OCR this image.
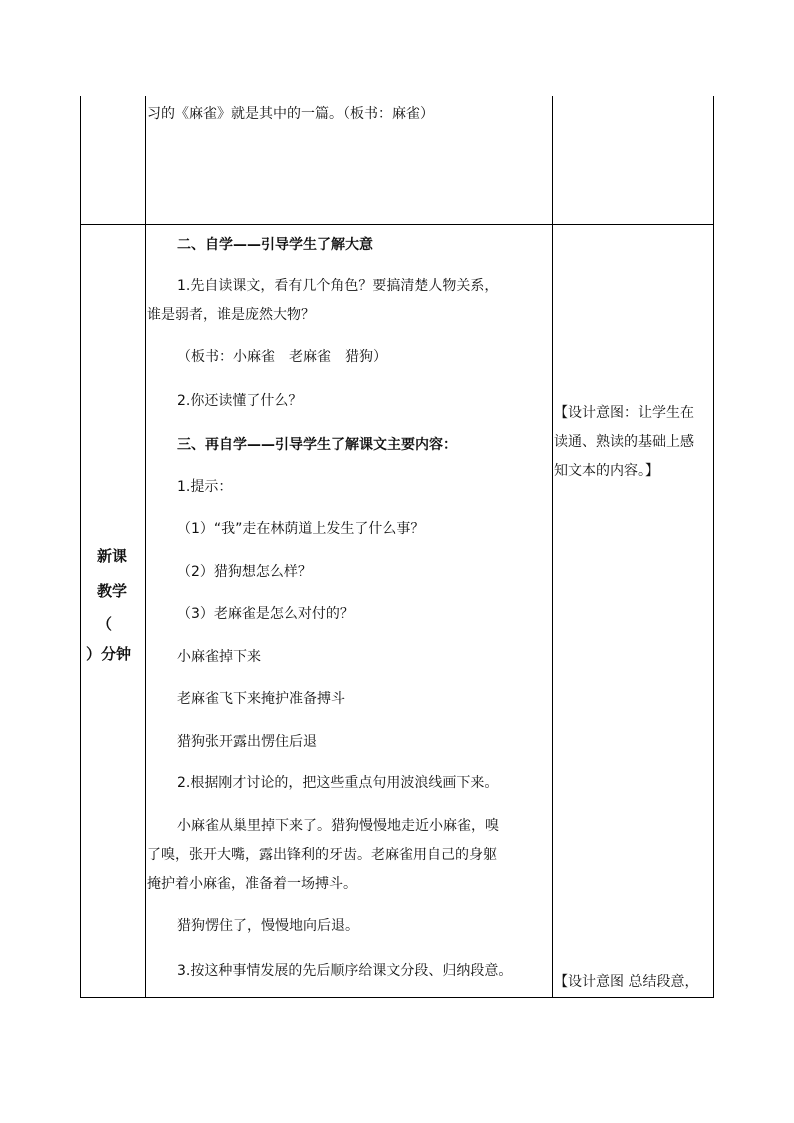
习的《麻雀》就是其中的一篇。（板书：麻雀）
新课
教学
（
）分钟
二、自学——引导学生了解大意
1.先自读课文，看有几个角色？要搞清楚人物关系，
谁是弱者，谁是庞然大物？
（板书：小麻雀　老麻雀　猎狗）
2.你还读懂了什么？
三、再自学——引导学生了解课文主要内容：
1.提示：
（1）“我”走在林荫道上发生了什么事？
（2）猎狗想怎么样？
（3）老麻雀是怎么对付的？
小麻雀掉下来
老麻雀飞下来掩护准备搏斗
猎狗张开露出愣住后退
2.根据刚才讨论的，把这些重点句用波浪线画下来。
小麻雀从巢里掉下来了。猎狗慢慢地走近小麻雀，嗅
了嗅，张开大嘴，露出锋利的牙齿。老麻雀用自己的身躯
掩护着小麻雀，准备着一场搏斗。
猎狗愣住了，慢慢地向后退。
3.按这种事情发展的先后顺序给课文分段、归纳段意。
【设计意图：让学生在
读通、熟读的基础上感
知文本的内容。】
【设计意图 总结段意，
